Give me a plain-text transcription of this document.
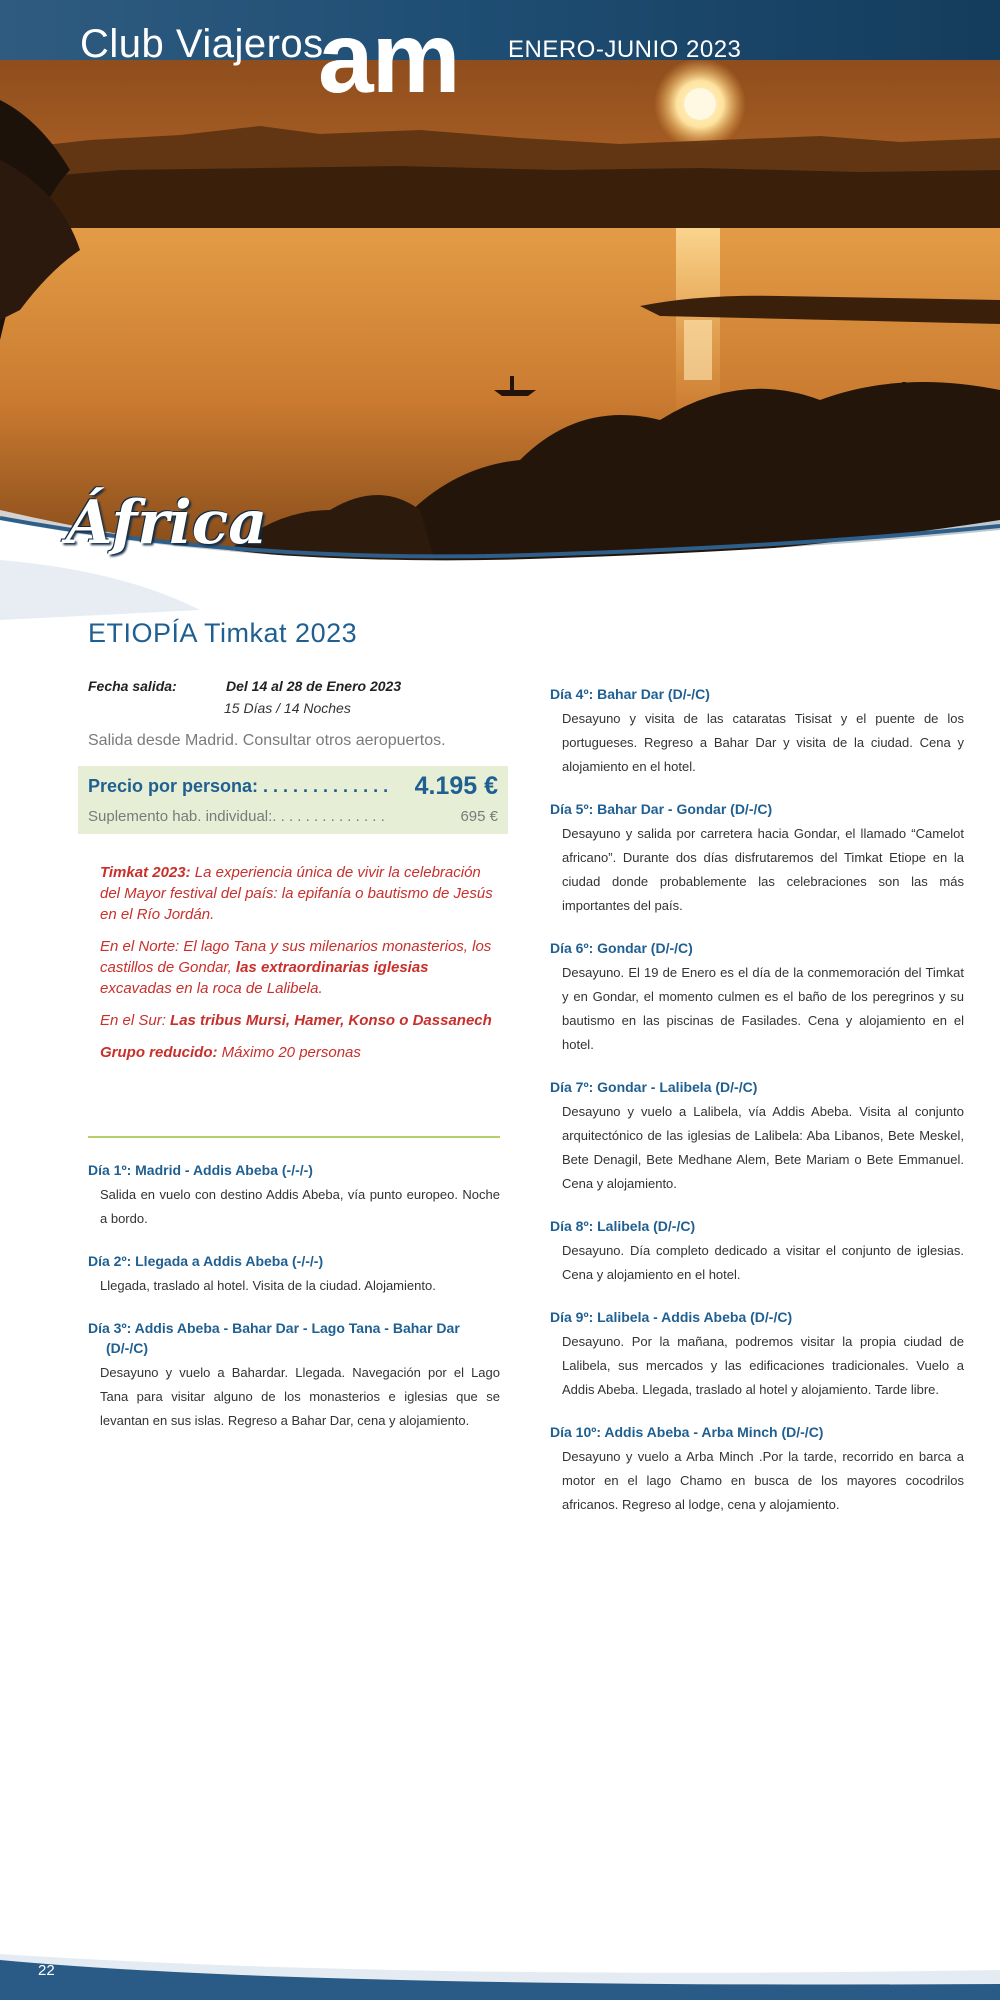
Club Viajeros
am ENERO-JUNIO 2023
África
ETIOPÍA Timkat 2023
Fecha salida:	Del 14 al 28 de Enero 2023
15 Días / 14 Noches
Salida desde Madrid. Consultar otros aeropuertos.
Precio por persona: . . . . . . . . . . . . . 4.195 €
Suplemento hab. individual:. . . . . . . . . . . . . .	695 €

Timkat 2023: La experiencia única de vivir la celebración del Mayor festival del país: la epifanía o bautismo de Jesús en el Río Jordán.

En el Norte: El lago Tana y sus milenarios monasterios, los castillos de Gondar, las extraordinarias iglesias excavadas en la roca de Lalibela.

En el Sur: Las tribus Mursi, Hamer, Konso o Dassanech

Grupo reducido: Máximo 20 personas

Día 1º: Madrid - Addis Abeba (-/-/-)
Salida en vuelo con destino Addis Abeba, vía punto europeo. Noche a bordo.
Día 2º: Llegada a Addis Abeba (-/-/-)
Llegada, traslado al hotel. Visita de la ciudad. Alojamiento.
Día 3º: Addis Abeba - Bahar Dar - Lago Tana - Bahar Dar
(D/-/C)
Desayuno y vuelo a Bahardar. Llegada. Navegación por el Lago Tana para visitar alguno de los monasterios e iglesias que se levantan en sus islas. Regreso a Bahar Dar, cena y alojamiento.
Día 4º: Bahar Dar (D/-/C)
Desayuno y visita de las cataratas Tisisat y el puente de los portugueses. Regreso a Bahar Dar y visita de la ciudad. Cena y alojamiento en el hotel.
Día 5º: Bahar Dar - Gondar (D/-/C)
Desayuno y salida por carretera hacia Gondar, el llamado “Camelot africano”. Durante dos días disfrutaremos del Timkat Etiope en la ciudad donde probablemente las celebraciones son las más importantes del país.
Día 6º: Gondar (D/-/C)
Desayuno. El 19 de Enero es el día de la conmemoración del Timkat y en Gondar, el momento culmen es el baño de los peregrinos y su bautismo en las piscinas de Fasilades. Cena y alojamiento en el hotel.
Día 7º: Gondar - Lalibela (D/-/C)
Desayuno y vuelo a Lalibela, vía Addis Abeba. Visita al conjunto arquitectónico de las iglesias de Lalibela: Aba Libanos, Bete Meskel, Bete Denagil, Bete Medhane Alem, Bete Mariam o Bete Emmanuel. Cena y alojamiento.
Día 8º: Lalibela (D/-/C)
Desayuno. Día completo dedicado a visitar el conjunto de iglesias. Cena y alojamiento en el hotel.
Día 9º: Lalibela - Addis Abeba (D/-/C)
Desayuno. Por la mañana, podremos visitar la propia ciudad de Lalibela, sus mercados y las edificaciones tradicionales. Vuelo a Addis Abeba. Llegada, traslado al hotel y alojamiento. Tarde libre.
Día 10º: Addis Abeba - Arba Minch (D/-/C)
Desayuno y vuelo a Arba Minch .Por la tarde, recorrido en barca a motor en el lago Chamo en busca de los mayores cocodrilos africanos. Regreso al lodge, cena y alojamiento.
22
